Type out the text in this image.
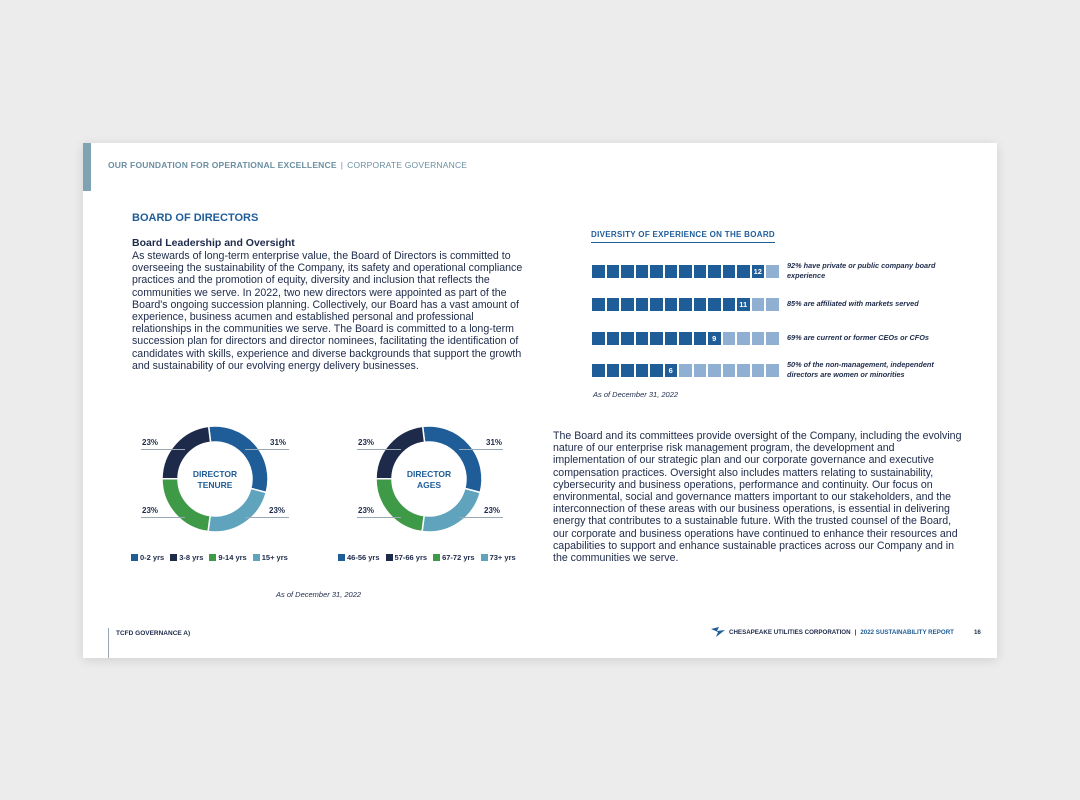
OUR FOUNDATION FOR OPERATIONAL EXCELLENCE | CORPORATE GOVERNANCE
BOARD OF DIRECTORS
Board Leadership and Oversight

As stewards of long-term enterprise value, the Board of Directors is committed to overseeing the sustainability of the Company, its safety and operational compliance practices and the promotion of equity, diversity and inclusion that reflects the communities we serve. In 2022, two new directors were appointed as part of the Board's ongoing succession planning. Collectively, our Board has a vast amount of experience, business acumen and established personal and professional relationships in the communities we serve. The Board is committed to a long-term succession plan for directors and director nominees, facilitating the identification of candidates with skills, experience and diverse backgrounds that support the growth and sustainability of our evolving energy delivery businesses.

DIVERSITY OF EXPERIENCE ON THE BOARD
12
92% have private or public company board experience
11	85% are affiliated with markets served
9	69% are current or former CEOs or CFOs
6
50% of the non-management, independent directors are women or minorities
As of December 31, 2022
DIRECTOR
TENURE
23%	31%
23%	23%
0-2 yrs 3-8 yrs 9-14 yrs 15+ yrs
DIRECTOR
AGES
23%	31%
23%	23%
46-56 yrs 57-66 yrs 67-72 yrs 73+ yrs
As of December 31, 2022

The Board and its committees provide oversight of the Company, including the evolving nature of our enterprise risk management program, the development and implementation of our strategic plan and our corporate governance and executive compensation practices. Oversight also includes matters relating to sustainability, cybersecurity and business operations, performance and continuity. Our focus on environmental, social and governance matters important to our stakeholders, and the interconnection of these areas with our business operations, is essential in delivering energy that contributes to a sustainable future. With the trusted counsel of the Board, our corporate and business operations have continued to enhance their resources and capabilities to support and enhance sustainable practices across our Company and in the communities we serve.

TCFD GOVERNANCE A)	CHESAPEAKE UTILITIES CORPORATION | 2022 SUSTAINABILITY REPORT	16
